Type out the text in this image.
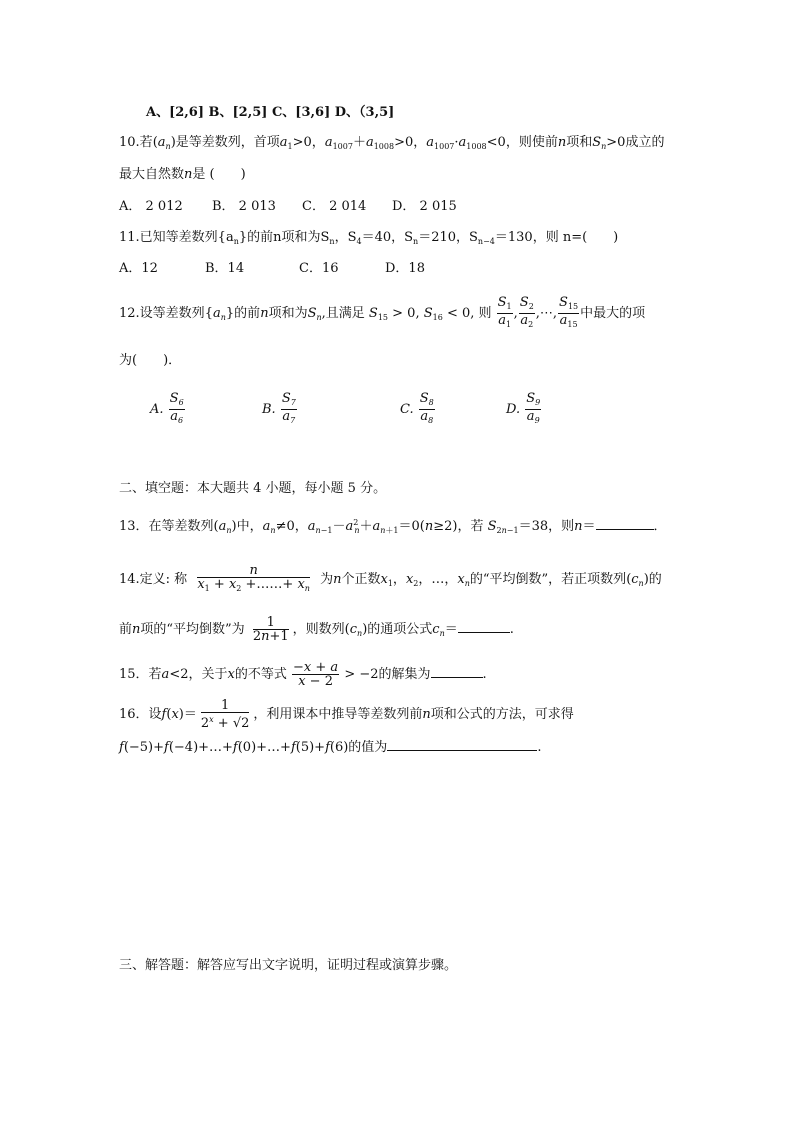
A、[2,6] B、[2,5] C、[3,6] D、（3,5]
10.若$(a_n)$是等差数列，首项$a_1>0$，$a_{1007}+a_{1008}>0$，$a_{1007}\cdot a_{1008}<0$，则使前n项和$S_n>0$成立的
最大自然数n是 (　　)
A． 2 012 B． 2 013 C． 2 014 D． 2 015
11.已知等差数列$\{a_n\}$的前n项和为$S_n$，$S_4=40$，$S_n=210$，$S_{n-4}=130$，则 n=(　　)
A．12	B．14	C．16	D．18
12.设等差数列$\{a_n\}$的前n项和为$S_n$,且满足 $S_{15} > 0$, $S_{16} < 0$, 则 $\frac{S_1}{a_1}$ , $\frac{S_2}{a_2}$ ,⋯, $\frac{S_{15}}{a_{15}}$ 中最大的项
为(　　)．
A. $\frac{S_6}{a_6}$	B. $\frac{S_7}{a_7}$	C. $\frac{S_8}{a_8}$	D. $\frac{S_9}{a_9}$
二、填空题：本大题共 4 小题，每小题 5 分。
13．在等差数列$(a_n)$中，$a_n\ne 0$，$a_{n-1}-a^2_n+a_{n+1}=0(n\ge 2)$，若 $S_{2n-1}=38$，则n＝	．
14.定义: 称 $\frac{n}{x_1 + x_2 +\dots\dots+ x_n}$ 为n个正数$x_1$，$x_2$，…，$x_n$的“平均倒数”，若正项数列$(c_n)$的
前n项的“平均倒数”为 $\frac{1}{2n+1}$ ，则数列$(c_n)$的通项公式$c_n=$	.
15．若a<2，关于x的不等式 $\frac{-x + a}{x - 2} > -2$的解集为	.
16．设$f(x)= \frac{1}{2^x + √2}$ ，利用课本中推导等差数列前n项和公式的方法，可求得
f(−5)+f(−4)+…+f(0)+…+f(5)+f(6)的值为	.
三、解答题：解答应写出文字说明，证明过程或演算步骤。
